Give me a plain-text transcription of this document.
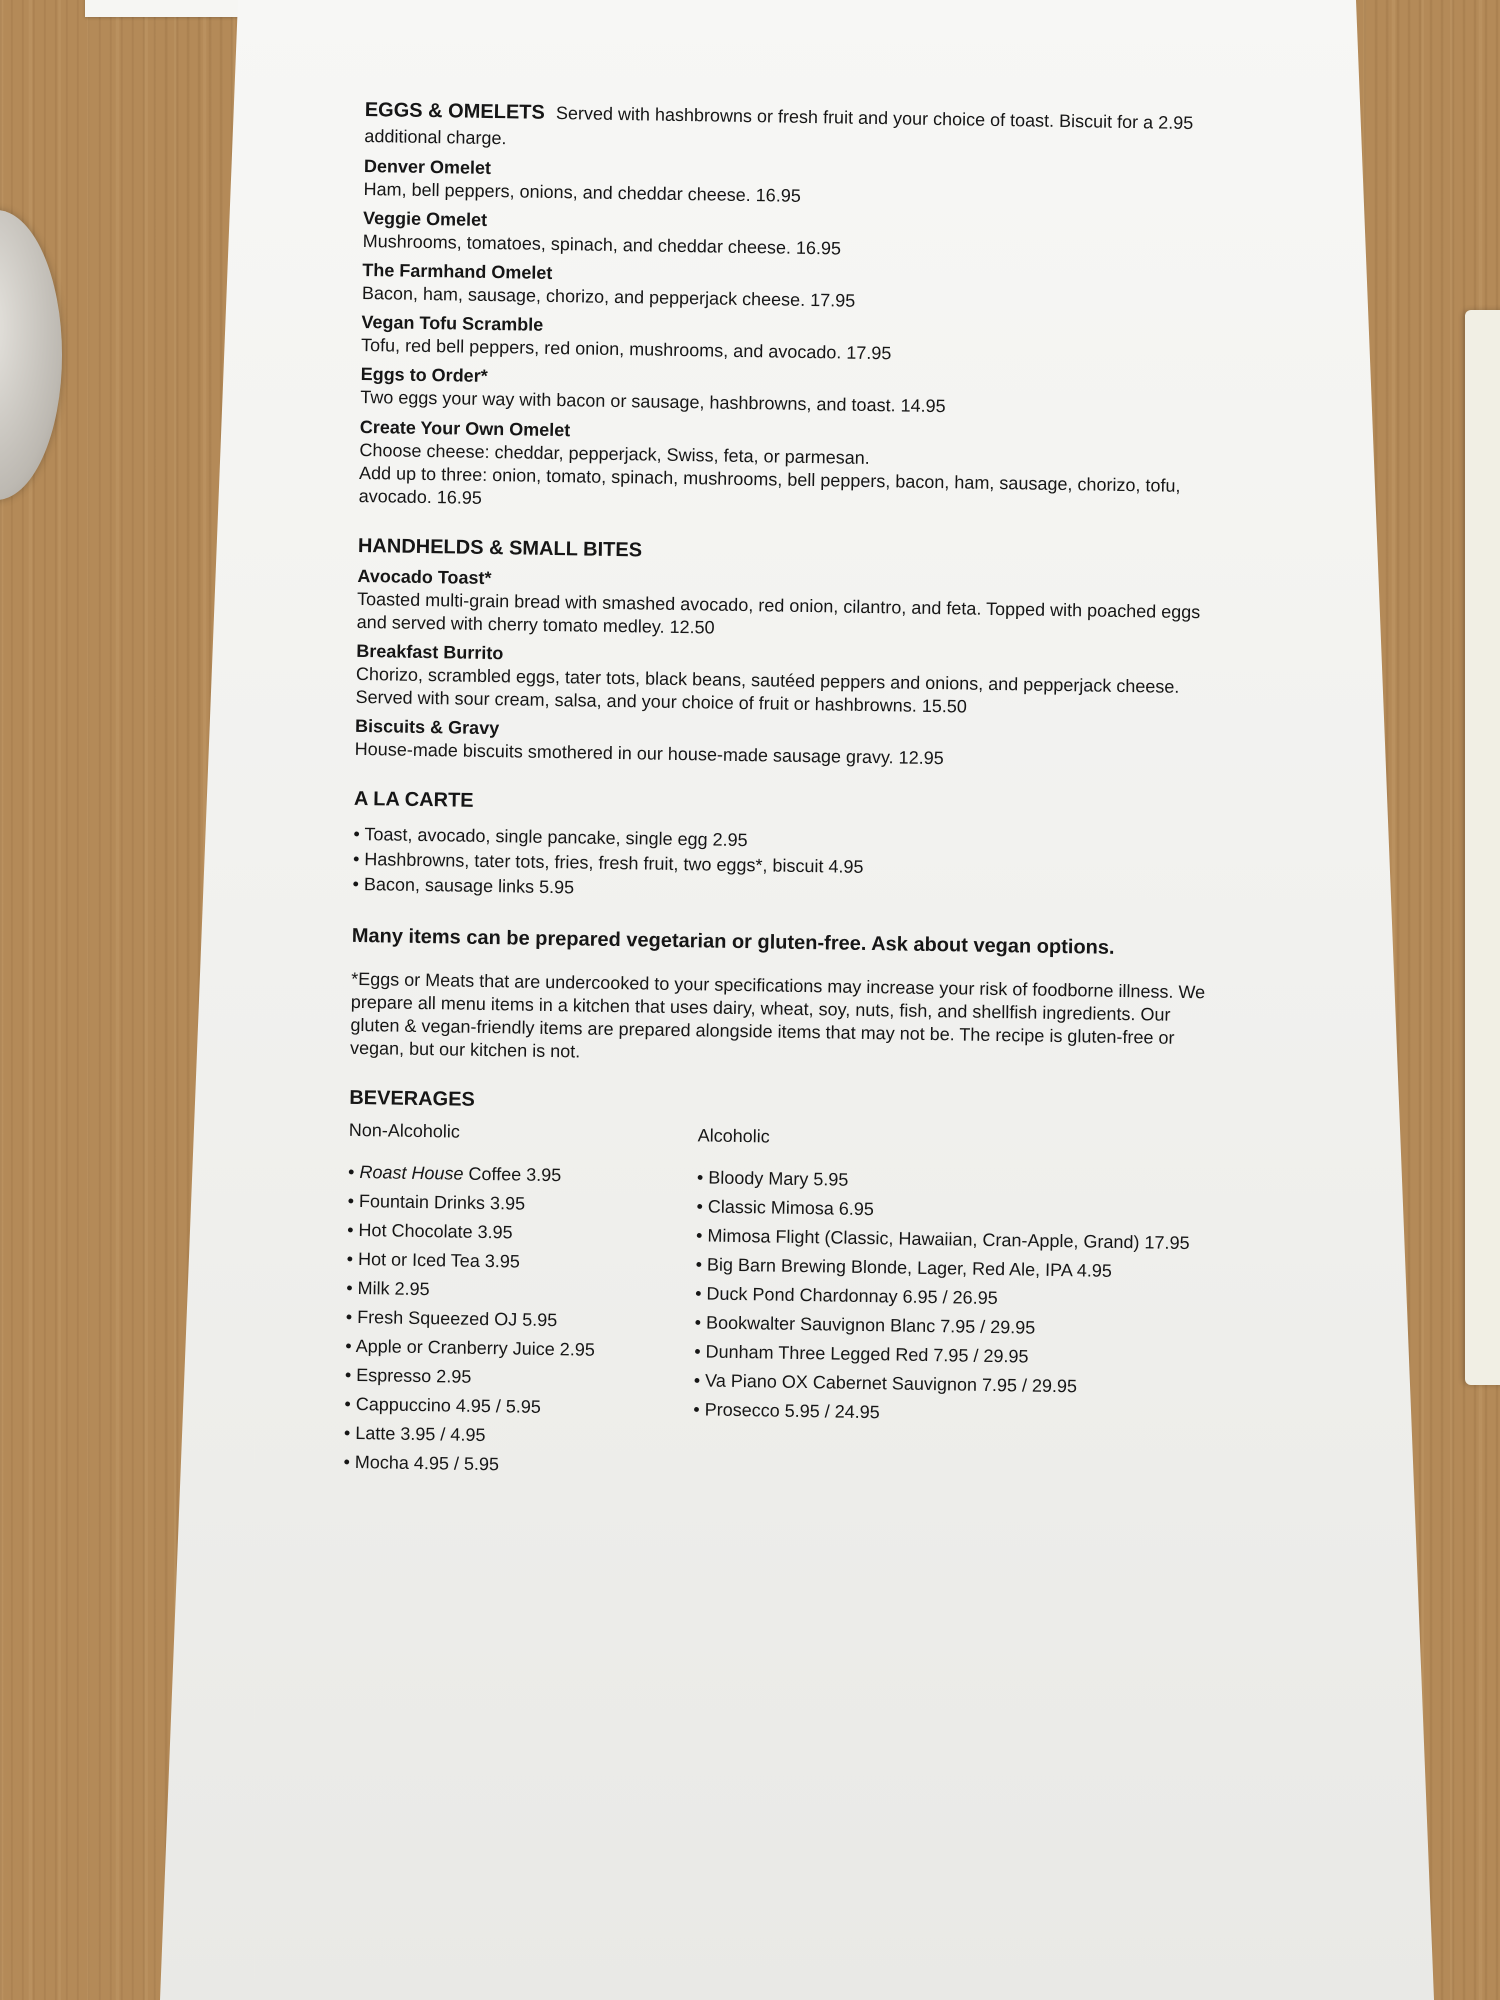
EGGS & OMELETS Served with hashbrowns or fresh fruit and your choice of toast. Biscuit for a 2.95 additional charge.
Denver Omelet
Ham, bell peppers, onions, and cheddar cheese. 16.95
Veggie Omelet
Mushrooms, tomatoes, spinach, and cheddar cheese. 16.95
The Farmhand Omelet
Bacon, ham, sausage, chorizo, and pepperjack cheese. 17.95
Vegan Tofu Scramble
Tofu, red bell peppers, red onion, mushrooms, and avocado. 17.95
Eggs to Order*
Two eggs your way with bacon or sausage, hashbrowns, and toast. 14.95
Create Your Own Omelet
Choose cheese: cheddar, pepperjack, Swiss, feta, or parmesan.
Add up to three: onion, tomato, spinach, mushrooms, bell peppers, bacon, ham, sausage, chorizo, tofu, avocado. 16.95
HANDHELDS & SMALL BITES
Avocado Toast*
Toasted multi-grain bread with smashed avocado, red onion, cilantro, and feta. Topped with poached eggs and served with cherry tomato medley. 12.50
Breakfast Burrito
Chorizo, scrambled eggs, tater tots, black beans, sautéed peppers and onions, and pepperjack cheese. Served with sour cream, salsa, and your choice of fruit or hashbrowns. 15.50
Biscuits & Gravy
House-made biscuits smothered in our house-made sausage gravy. 12.95
A LA CARTE
• Toast, avocado, single pancake, single egg 2.95
• Hashbrowns, tater tots, fries, fresh fruit, two eggs*, biscuit 4.95
• Bacon, sausage links 5.95
Many items can be prepared vegetarian or gluten-free. Ask about vegan options.
*Eggs or Meats that are undercooked to your specifications may increase your risk of foodborne illness. We prepare all menu items in a kitchen that uses dairy, wheat, soy, nuts, fish, and shellfish ingredients. Our gluten & vegan-friendly items are prepared alongside items that may not be. The recipe is gluten-free or vegan, but our kitchen is not.
BEVERAGES
Non-Alcoholic
• Roast House Coffee 3.95
• Fountain Drinks 3.95
• Hot Chocolate 3.95
• Hot or Iced Tea 3.95
• Milk 2.95
• Fresh Squeezed OJ 5.95
• Apple or Cranberry Juice 2.95
• Espresso 2.95
• Cappuccino 4.95 / 5.95
• Latte 3.95 / 4.95
• Mocha 4.95 / 5.95
Alcoholic
• Bloody Mary 5.95
• Classic Mimosa 6.95
• Mimosa Flight (Classic, Hawaiian, Cran-Apple, Grand) 17.95
• Big Barn Brewing Blonde, Lager, Red Ale, IPA 4.95
• Duck Pond Chardonnay 6.95 / 26.95
• Bookwalter Sauvignon Blanc 7.95 / 29.95
• Dunham Three Legged Red 7.95 / 29.95
• Va Piano OX Cabernet Sauvignon 7.95 / 29.95
• Prosecco 5.95 / 24.95
